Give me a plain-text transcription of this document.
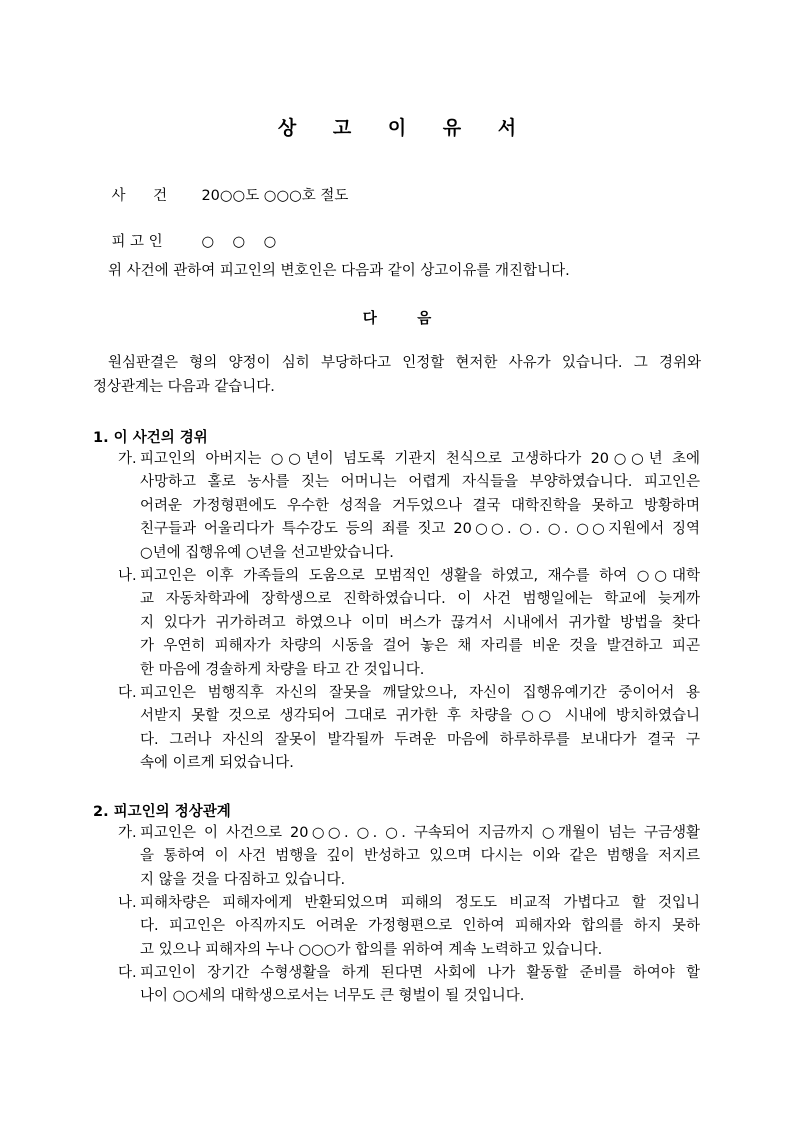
상 고 이 유 서

사      건 20○○도 ○○○호 절도

피 고 인	○    ○    ○

위 사건에 관하여 피고인의 변호인은 다음과 같이 상고이유를 개진합니다.
다        음
원심판결은 형의 양정이 심히 부당하다고 인정할 현저한 사유가 있습니다. 그 경위와
정상관계는 다음과 같습니다.
1. 이 사건의 경위
가. 피고인의 아버지는 ○○년이 넘도록 기관지 천식으로 고생하다가 20○○년 초에
사망하고 홀로 농사를 짓는 어머니는 어렵게 자식들을 부양하였습니다. 피고인은
어려운 가정형편에도 우수한 성적을 거두었으나 결국 대학진학을 못하고 방황하며
친구들과 어울리다가 특수강도 등의 죄를 짓고 20○○. ○. ○. ○○지원에서 징역
○년에 집행유예 ○년을 선고받았습니다.
나. 피고인은 이후 가족들의 도움으로 모범적인 생활을 하였고, 재수를 하여 ○○대학
교 자동차학과에 장학생으로 진학하였습니다. 이 사건 범행일에는 학교에 늦게까
지 있다가 귀가하려고 하였으나 이미 버스가 끊겨서 시내에서 귀가할 방법을 찾다
가 우연히 피해자가 차량의 시동을 걸어 놓은 채 자리를 비운 것을 발견하고 피곤
한 마음에 경솔하게 차량을 타고 간 것입니다.
다. 피고인은 범행직후 자신의 잘못을 깨달았으나, 자신이 집행유예기간 중이어서 용
서받지 못할 것으로 생각되어 그대로 귀가한 후 차량을 ○○ 시내에 방치하였습니
다. 그러나 자신의 잘못이 발각될까 두려운 마음에 하루하루를 보내다가 결국 구
속에 이르게 되었습니다.
2. 피고인의 정상관계
가. 피고인은 이 사건으로 20○○. ○. ○. 구속되어 지금까지 ○개월이 넘는 구금생활
을 통하여 이 사건 범행을 깊이 반성하고 있으며 다시는 이와 같은 범행을 저지르
지 않을 것을 다짐하고 있습니다.
나. 피해차량은 피해자에게 반환되었으며 피해의 정도도 비교적 가볍다고 할 것입니
다. 피고인은 아직까지도 어려운 가정형편으로 인하여 피해자와 합의를 하지 못하
고 있으나 피해자의 누나 ○○○가 합의를 위하여 계속 노력하고 있습니다.
다. 피고인이 장기간 수형생활을 하게 된다면 사회에 나가 활동할 준비를 하여야 할
나이 ○○세의 대학생으로서는 너무도 큰 형벌이 될 것입니다.
